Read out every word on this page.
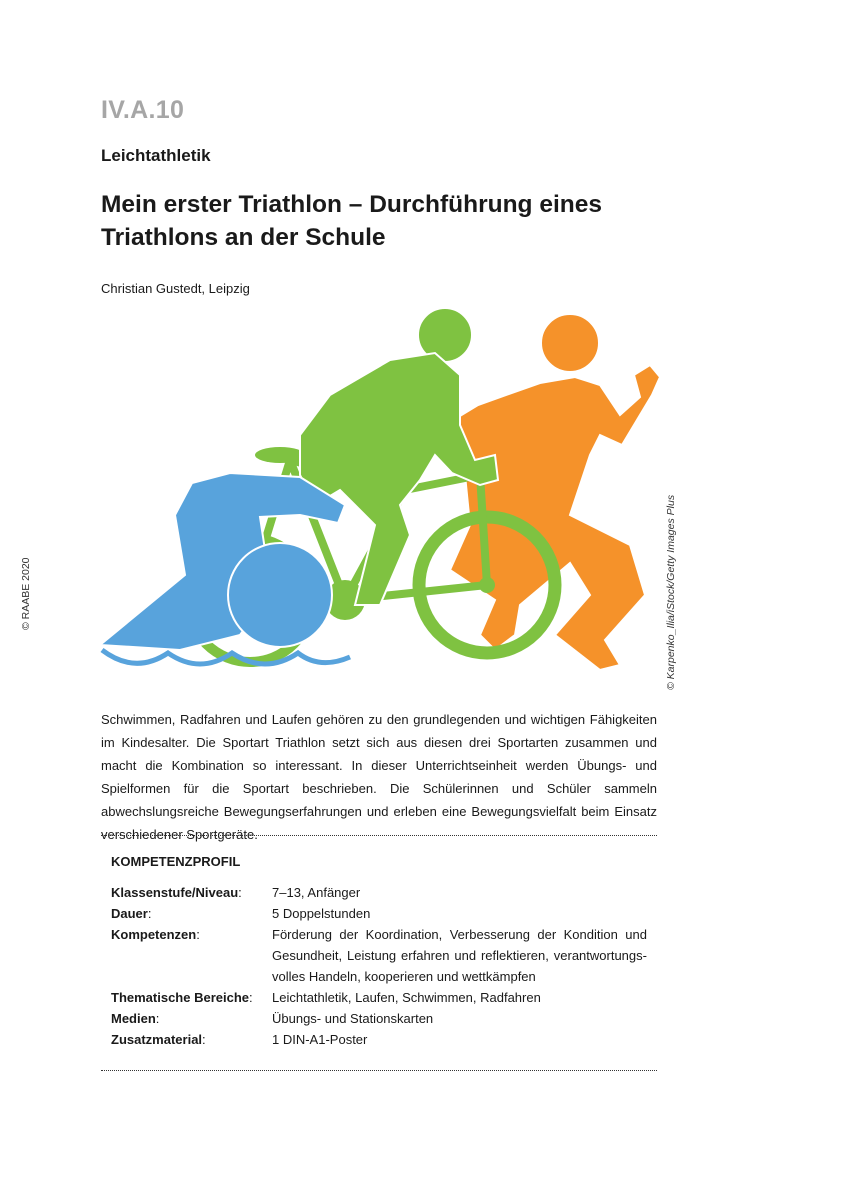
IV.A.10
Leichtathletik
Mein erster Triathlon – Durchführung eines Triathlons an der Schule
Christian Gustedt, Leipzig
© RAABE 2020	© Karpenko_Ilia/iStock/Getty Images Plus
Schwimmen, Radfahren und Laufen gehören zu den grundlegenden und wichtigen Fähigkeiten im Kindesalter. Die Sportart Triathlon setzt sich aus diesen drei Sportarten zusammen und macht die Kombination so interessant. In dieser Unterrichtseinheit werden Übungs- und Spielformen für die Sportart beschrieben. Die Schülerinnen und Schüler sammeln abwechslungsreiche Bewegungserfahrungen und erleben eine Bewegungsvielfalt beim Einsatz verschiedener Sportgeräte.
KOMPETENZPROFIL
Klassenstufe/Niveau:	7–13, Anfänger
Dauer:	5 Doppelstunden
Kompetenzen:	Förderung der Koordination, Verbesserung der Kondition und Gesundheit, Leistung erfahren und reflektieren, verantwortungsvolles Handeln, kooperieren und wettkämpfen
Thematische Bereiche:	Leichtathletik, Laufen, Schwimmen, Radfahren
Medien:	Übungs- und Stationskarten
Zusatzmaterial:	1 DIN-A1-Poster
